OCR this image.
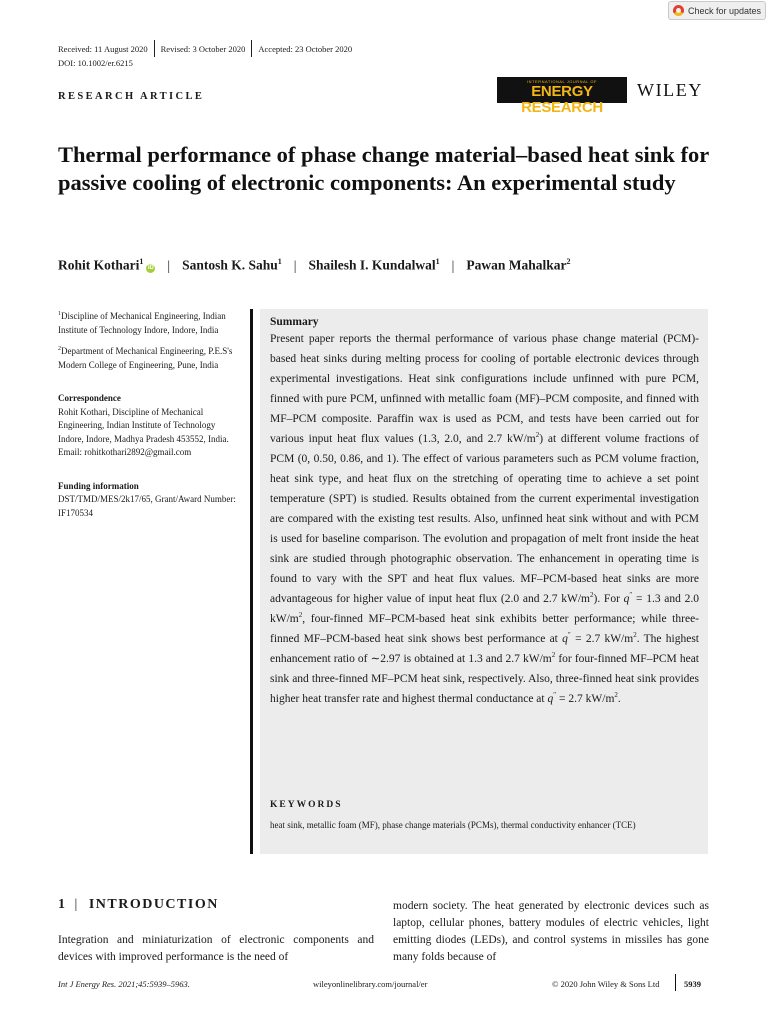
Check for updates
Received: 11 August 2020 Revised: 3 October 2020 Accepted: 23 October 2020
DOI: 10.1002/er.6215
RESEARCH ARTICLE
INTERNATIONAL JOURNAL OF
ENERGY RESEARCH
WILEY
Thermal performance of phase change material–based heat sink for passive cooling of electronic components: An experimental study
Rohit Kothari$^1$iD | Santosh K. Sahu$^1$ | Shailesh I. Kundalwal$^1$ | Pawan Mahalkar$^2$

$^1$Discipline of Mechanical Engineering, Indian Institute of Technology Indore, Indore, India

$^2$Department of Mechanical Engineering, P.E.S's Modern College of Engineering, Pune, India

Correspondence

Rohit Kothari, Discipline of Mechanical Engineering, Indian Institute of Technology Indore, Indore, Madhya Pradesh 453552, India.

Email: rohitkothari2892@gmail.com

Funding information

DST/TMD/MES/2k17/65, Grant/Award Number: IF170534

Summary

Present paper reports the thermal performance of various phase change material (PCM)-based heat sinks during melting process for cooling of portable electronic devices through experimental investigations. Heat sink configurations include unfinned with pure PCM, finned with pure PCM, unfinned with metallic foam (MF)–PCM composite, and finned with MF–PCM composite. Paraffin wax is used as PCM, and tests have been carried out for various input heat flux values (1.3, 2.0, and 2.7 $kW/m^2$) at different volume fractions of PCM (0, 0.50, 0.86, and 1). The effect of various parameters such as PCM volume fraction, heat sink type, and heat flux on the stretching of operating time to achieve a set point temperature (SPT) is studied. Results obtained from the current experimental investigation are compared with the existing test results. Also, unfinned heat sink without and with PCM is used for baseline comparison. The evolution and propagation of melt front inside the heat sink are studied through photographic observation. The enhancement in operating time is found to vary with the SPT and heat flux values. MF–PCM-based heat sinks are more advantageous for higher value of input heat flux (2.0 and 2.7 $kW/m^2$). For q″ = 1.3 and 2.0 $kW/m^2$, four-finned MF–PCM-based heat sink exhibits better performance; while three-finned MF–PCM-based heat sink shows best performance at q″ = 2.7 $kW/m^2$. The highest enhancement ratio of ∼2.97 is obtained at 1.3 and 2.7 $kW/m^2$ for four-finned MF–PCM heat sink and three-finned MF–PCM heat sink, respectively. Also, three-finned heat sink provides higher heat transfer rate and highest thermal conductance at q″ = 2.7 $kW/m^2$.

KEYWORDS
heat sink, metallic foam (MF), phase change materials (PCMs), thermal conductivity enhancer (TCE)
1 | INTRODUCTION

Integration and miniaturization of electronic components and devices with improved performance is the need of

modern society. The heat generated by electronic devices such as laptop, cellular phones, battery modules of electric vehicles, light emitting diodes (LEDs), and control systems in missiles has gone many folds because of

Int J Energy Res. 2021;45:5939–5963.	wileyonlinelibrary.com/journal/er	© 2020 John Wiley & Sons Ltd	5939
